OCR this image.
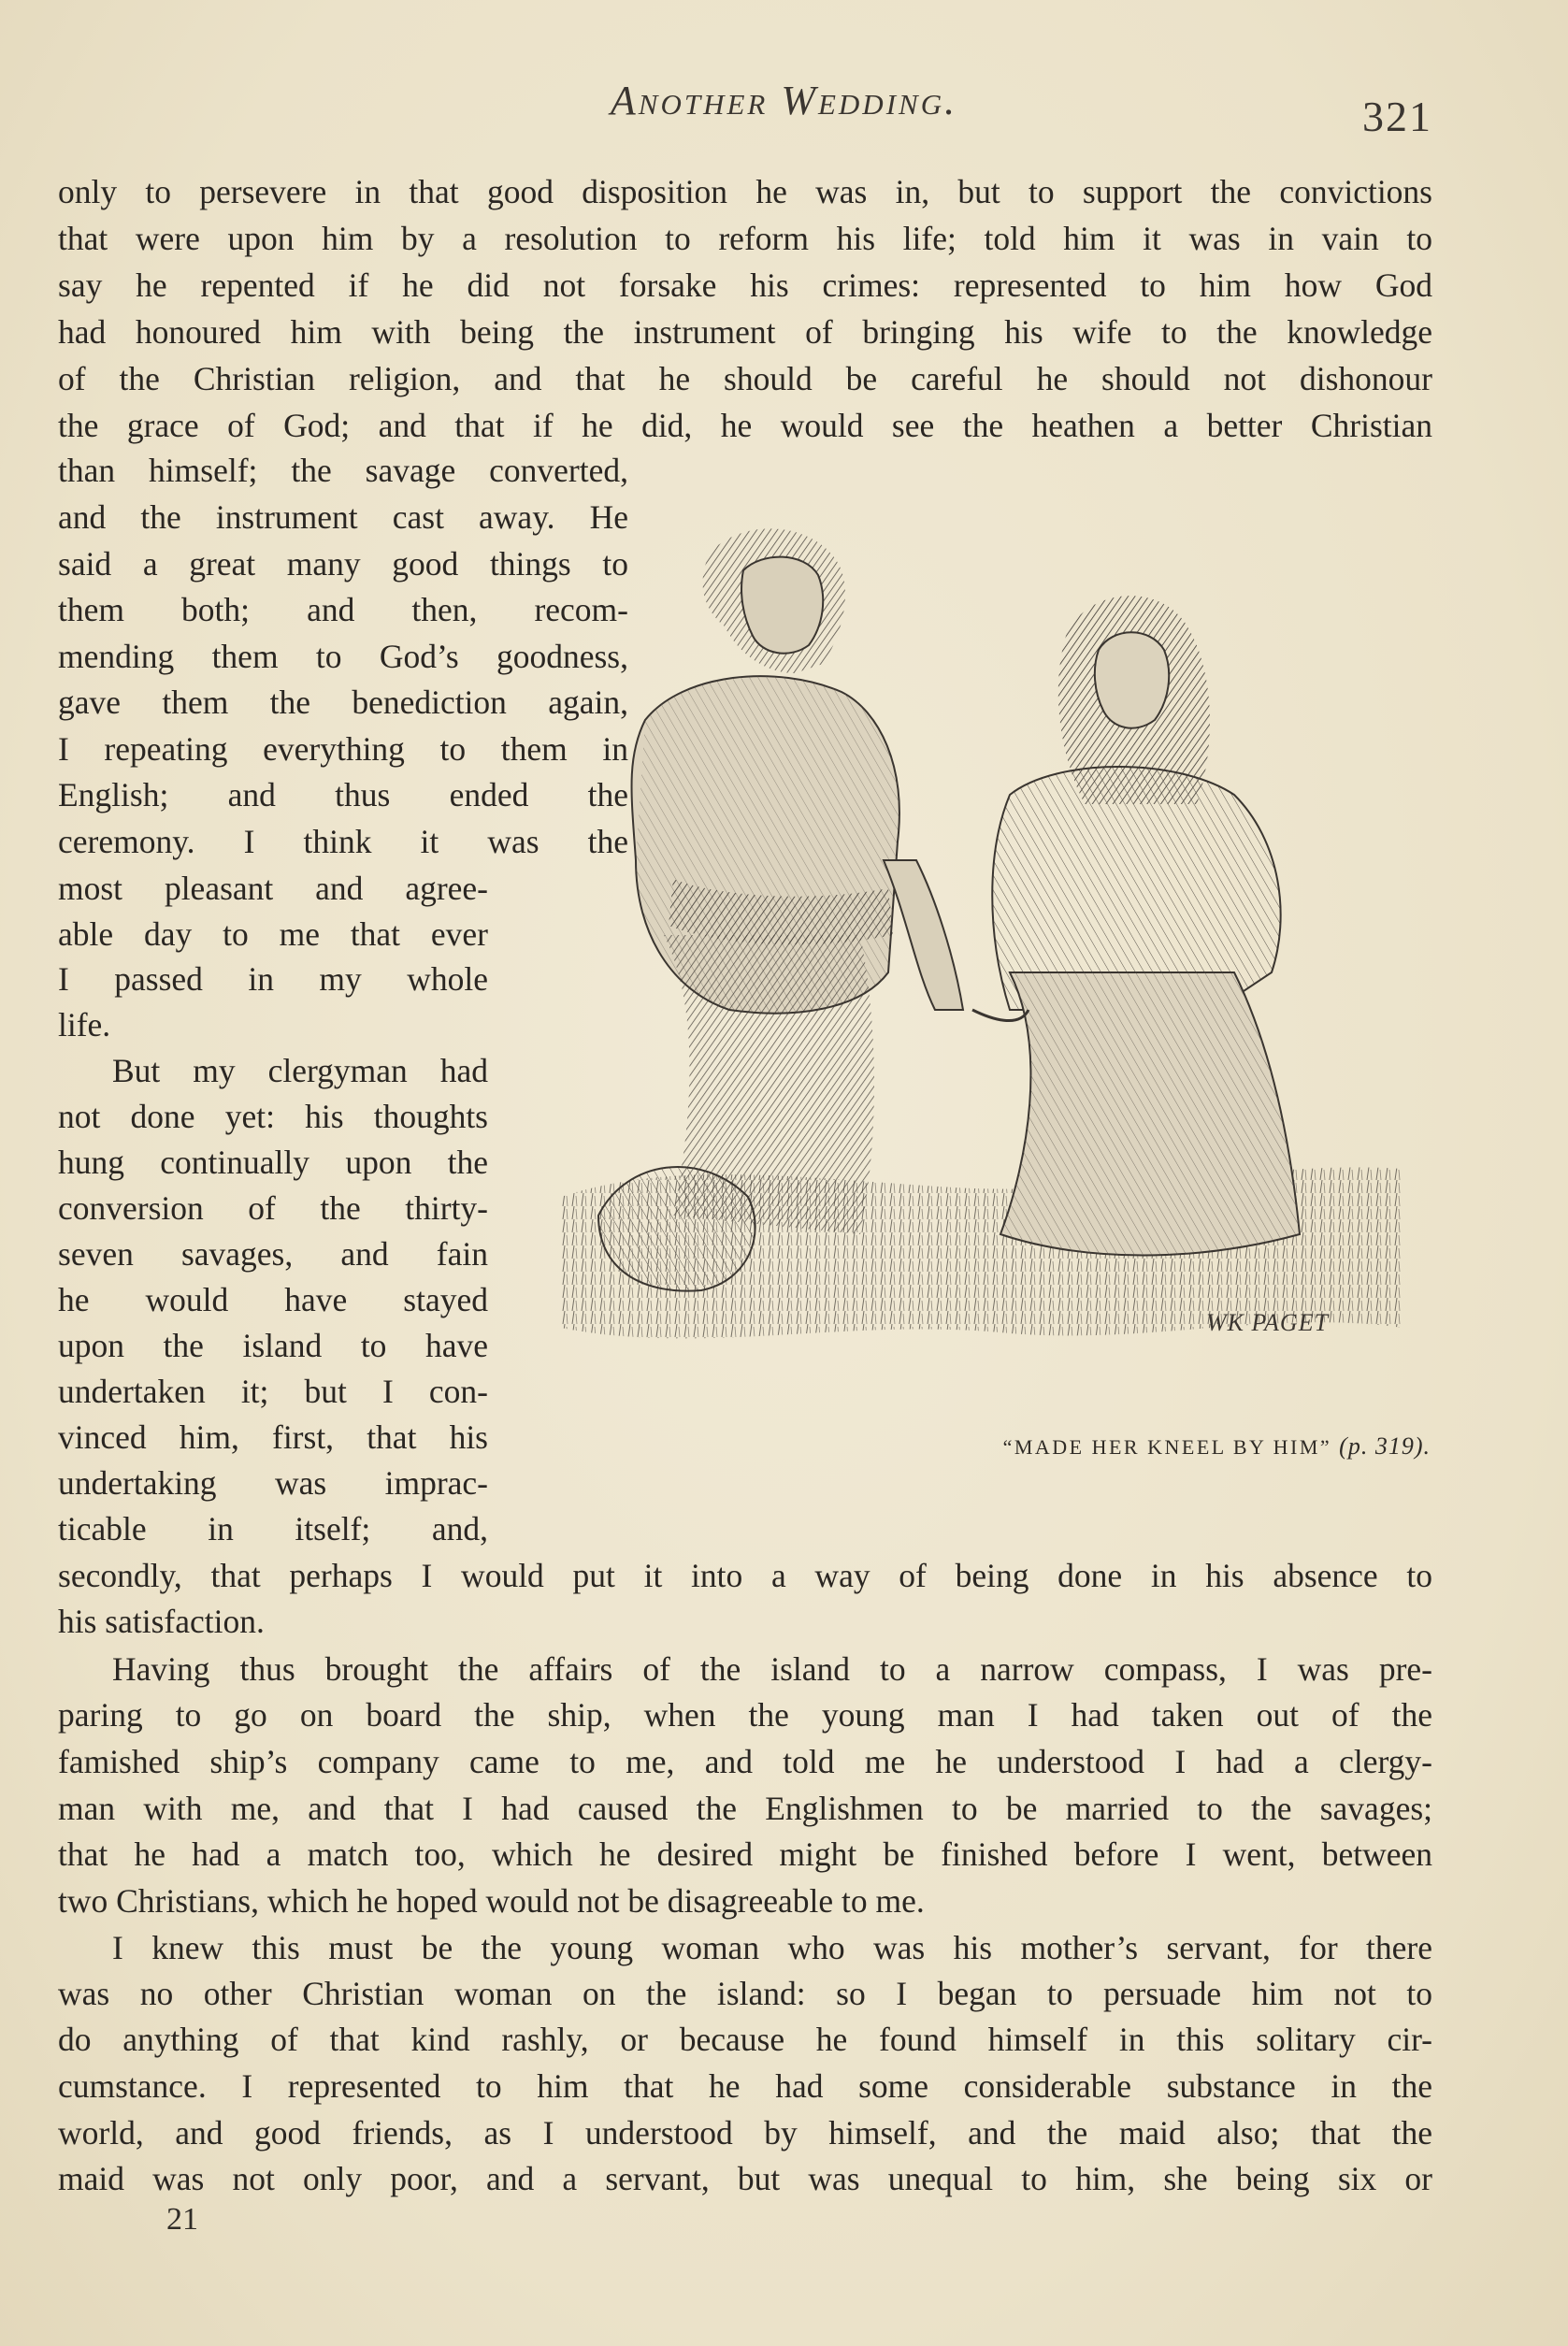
Another Wedding.	321
only to persevere in that good disposition he was in, but to support the convictions
that were upon him by a resolution to reform his life; told him it was in vain to
say he repented if he did not forsake his crimes: represented to him how God
had honoured him with being the instrument of bringing his wife to the knowledge
of the Christian religion, and that he should be careful he should not dishonour
the grace of God; and that if he did, he would see the heathen a better Christian
than himself; the savage converted,
and the instrument cast away. He
said a great many good things to
them both; and then, recom-
mending them to God’s goodness,
gave them the benediction again,
I repeating everything to them in
English; and thus ended the
ceremony. I think it was the
most pleasant and agree-
able day to me that ever
I passed in my whole
life.
But my clergyman had
not done yet: his thoughts
hung continually upon the
conversion of the thirty-
seven savages, and fain
he would have stayed
upon the island to have
undertaken it; but I con-
vinced him, first, that his
undertaking was imprac-
ticable in itself; and,
secondly, that perhaps I would put it into a way of being done in his absence to
his satisfaction.
Having thus brought the affairs of the island to a narrow compass, I was pre-
paring to go on board the ship, when the young man I had taken out of the
famished ship’s company came to me, and told me he understood I had a clergy-
man with me, and that I had caused the Englishmen to be married to the savages;
that he had a match too, which he desired might be finished before I went, between
two Christians, which he hoped would not be disagreeable to me.
I knew this must be the young woman who was his mother’s servant, for there
was no other Christian woman on the island: so I began to persuade him not to
do anything of that kind rashly, or because he found himself in this solitary cir-
cumstance. I represented to him that he had some considerable substance in the
world, and good friends, as I understood by himself, and the maid also; that the
maid was not only poor, and a servant, but was unequal to him, she being six or
WK PAGET
“MADE HER KNEEL BY HIM” (p. 319).
21
